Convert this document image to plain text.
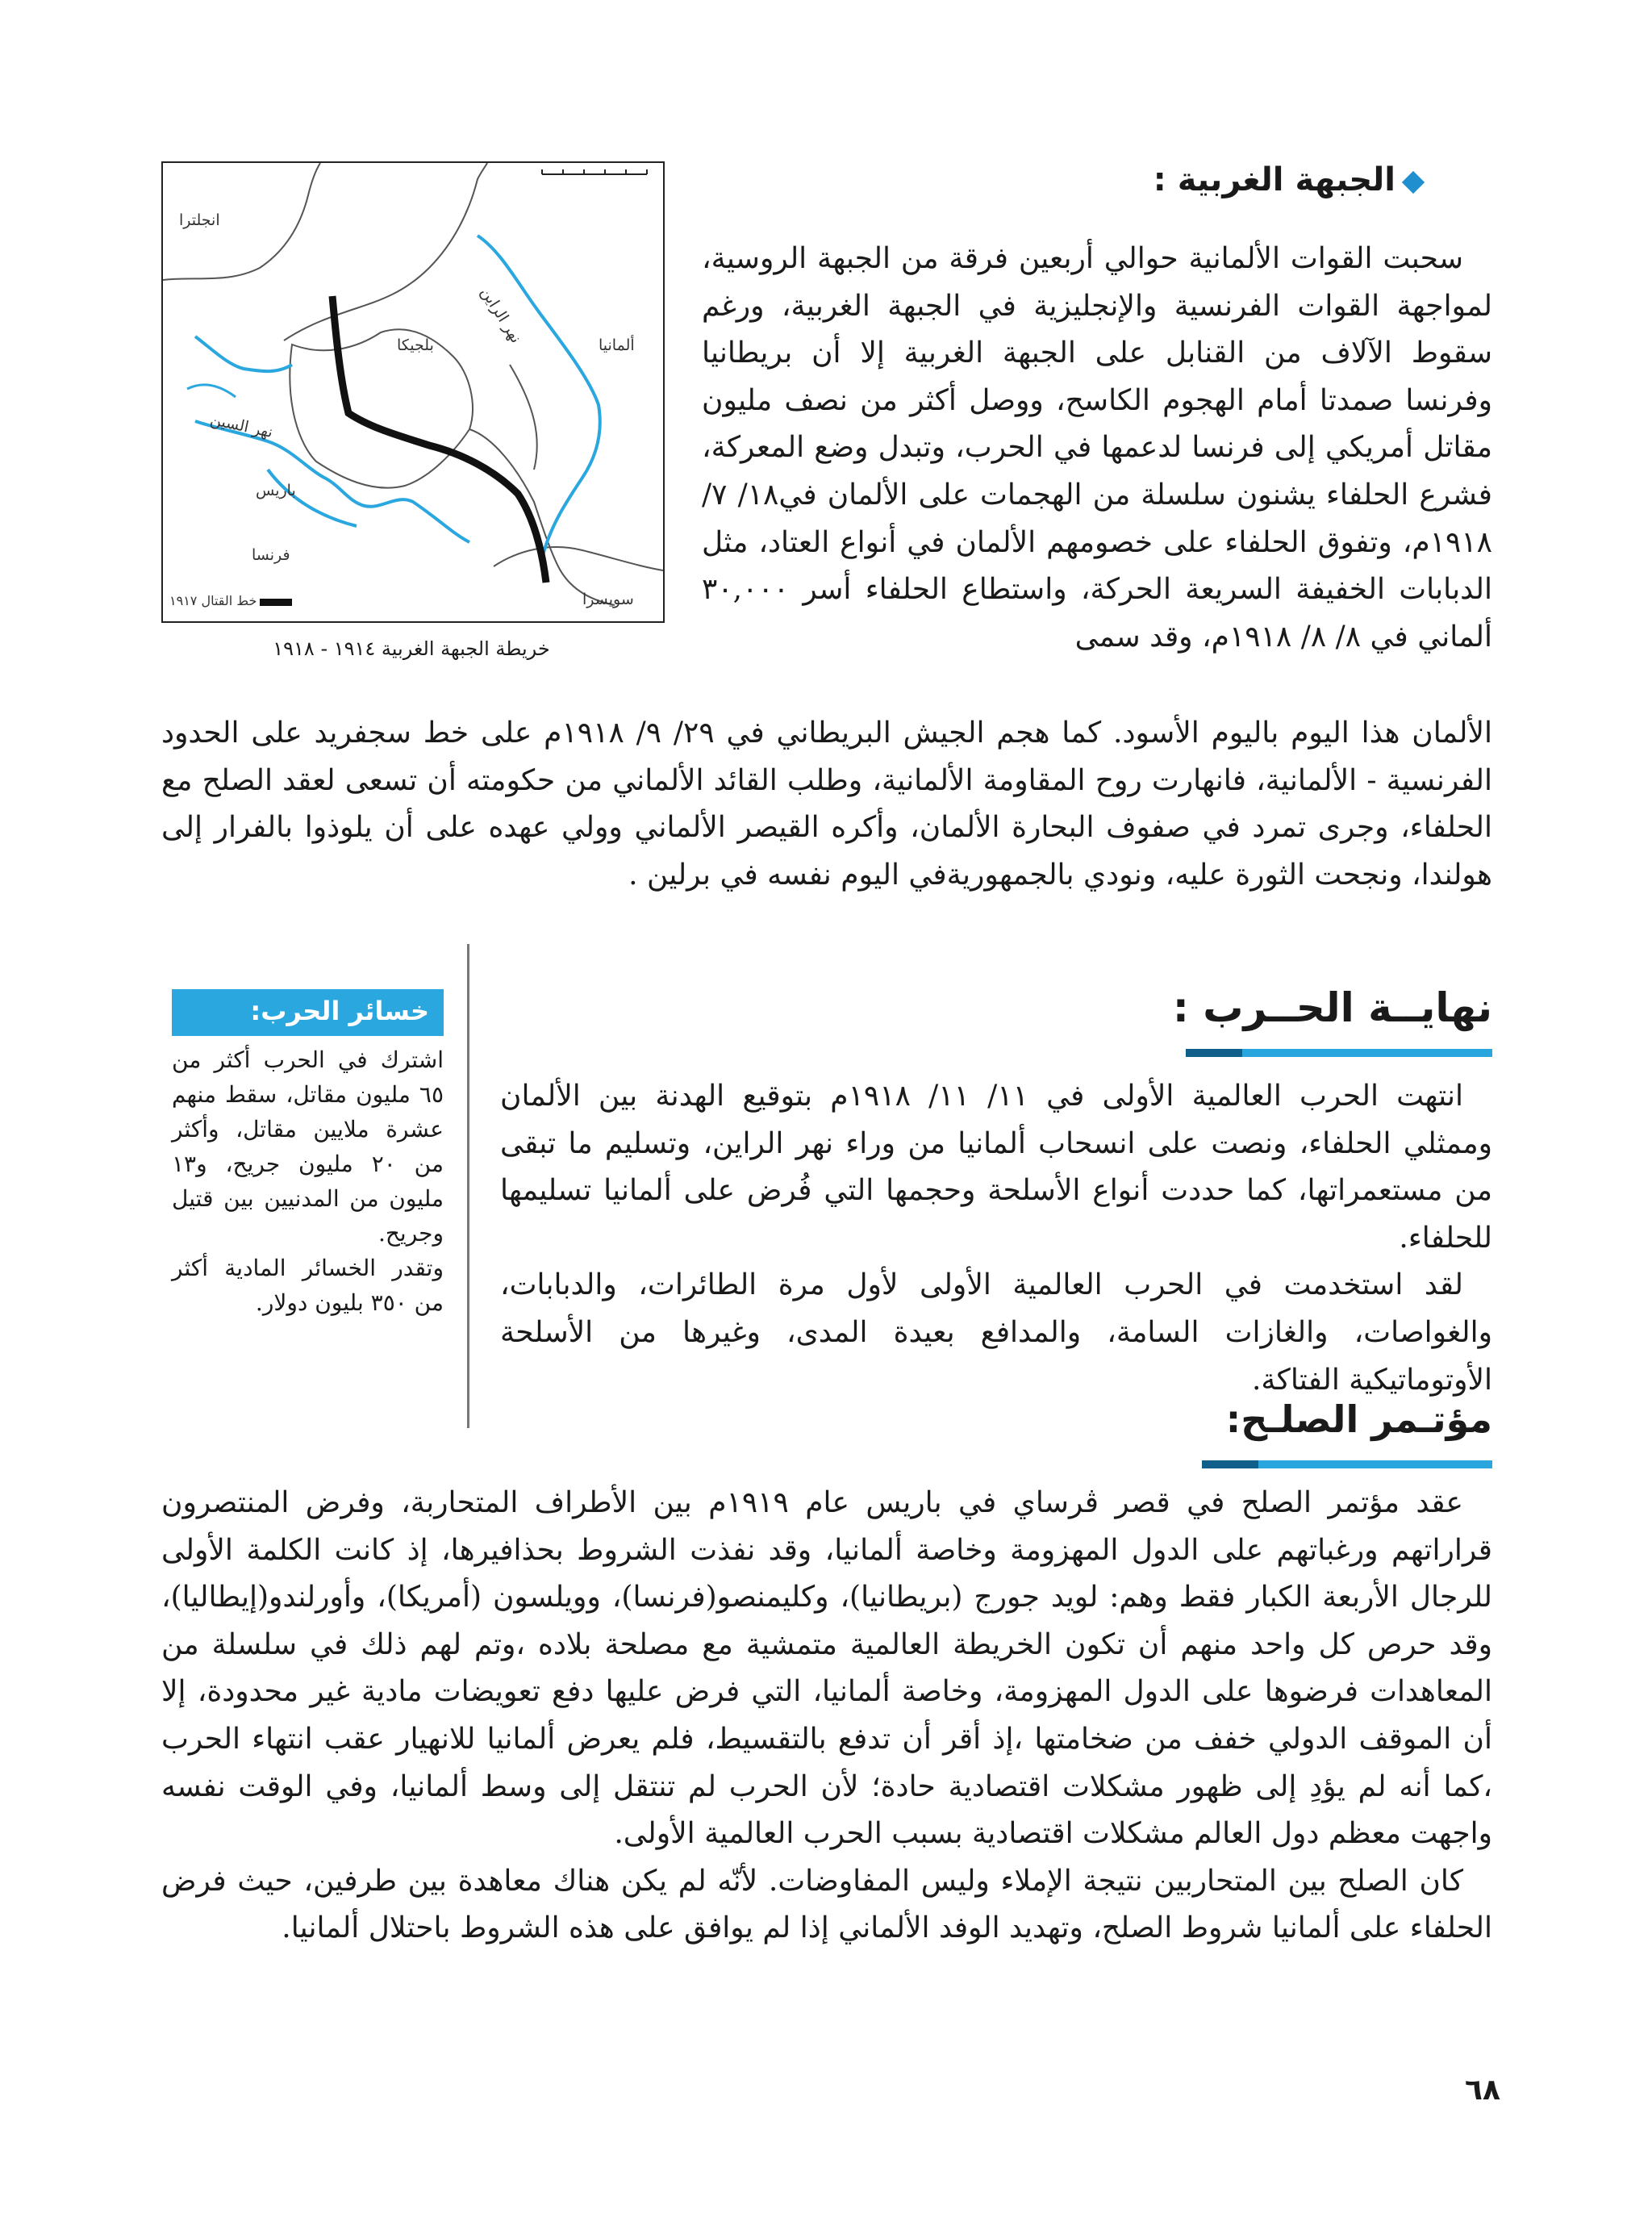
الجبهة الغربية :

سحبت القوات الألمانية حوالي أربعين فرقة من الجبهة الروسية، لمواجهة القوات الفرنسية والإنجليزية في الجبهة الغربية، ورغم سقوط الآلاف من القنابل على الجبهة الغربية إلا أن بريطانيا وفرنسا صمدتا أمام الهجوم الكاسح، ووصل أكثر من نصف مليون مقاتل أمريكي إلى فرنسا لدعمها في الحرب، وتبدل وضع المعركة، فشرع الحلفاء يشنون سلسلة من الهجمات على الألمان في١٨/ ٧/ ١٩١٨م، وتفوق الحلفاء على خصومهم الألمان في أنواع العتاد، مثل الدبابات الخفيفة السريعة الحركة، واستطاع الحلفاء أسر ٣٠,٠٠٠ ألماني في ٨/ ٨/ ١٩١٨م، وقد سمى

الألمان هذا اليوم باليوم الأسود. كما هجم الجيش البريطاني في ٢٩/ ٩/ ١٩١٨م على خط سجفريد على الحدود الفرنسية - الألمانية، فانهارت روح المقاومة الألمانية، وطلب القائد الألماني من حكومته أن تسعى لعقد الصلح مع الحلفاء، وجرى تمرد في صفوف البحارة الألمان، وأكره القيصر الألماني وولي عهده على أن يلوذوا بالفرار إلى هولندا، ونجحت الثورة عليه، ونودي بالجمهوريةفي اليوم نفسه في برلين .

انجلترا
نهر الراين
بلجيكا	ألمانيا
نهر السين
باريس
فرنسا
سويسرا
خط القتال ١٩١٧
خريطة الجبهة الغربية ١٩١٤ - ١٩١٨
نهايــة الحــرب :

انتهت الحرب العالمية الأولى في ١١/ ١١/ ١٩١٨م بتوقيع الهدنة بين الألمان وممثلي الحلفاء، ونصت على انسحاب ألمانيا من وراء نهر الراين، وتسليم ما تبقى من مستعمراتها، كما حددت أنواع الأسلحة وحجمها التي فُرض على ألمانيا تسليمها للحلفاء.

لقد استخدمت في الحرب العالمية الأولى لأول مرة الطائرات، والدبابات، والغواصات، والغازات السامة، والمدافع بعيدة المدى، وغيرها من الأسلحة الأوتوماتيكية الفتاكة.

خسائر الحرب:

اشترك في الحرب أكثر من ٦٥ مليون مقاتل، سقط منهم عشرة ملايين مقاتل، وأكثر من ٢٠ مليون جريح، و١٣ مليون من المدنيين بين قتيل وجريح.

وتقدر الخسائر المادية أكثر من ٣٥٠ بليون دولار.

مؤتـمر الصلـح:

عقد مؤتمر الصلح في قصر ڤرساي في باريس عام ١٩١٩م بين الأطراف المتحاربة، وفرض المنتصرون قراراتهم ورغباتهم على الدول المهزومة وخاصة ألمانيا، وقد نفذت الشروط بحذافيرها، إذ كانت الكلمة الأولى للرجال الأربعة الكبار فقط وهم: لويد جورج (بريطانيا)، وكليمنصو(فرنسا)، وويلسون (أمريكا)، وأورلندو(إيطاليا)، وقد حرص كل واحد منهم أن تكون الخريطة العالمية متمشية مع مصلحة بلاده ،وتم لهم ذلك في سلسلة من المعاهدات فرضوها على الدول المهزومة، وخاصة ألمانيا، التي فرض عليها دفع تعويضات مادية غير محدودة، إلا أن الموقف الدولي خفف من ضخامتها ،إذ أقر أن تدفع بالتقسيط، فلم يعرض ألمانيا للانهيار عقب انتهاء الحرب ،كما أنه لم يؤدِ إلى ظهور مشكلات اقتصادية حادة؛ لأن الحرب لم تنتقل إلى وسط ألمانيا، وفي الوقت نفسه واجهت معظم دول العالم مشكلات اقتصادية بسبب الحرب العالمية الأولى.

كان الصلح بين المتحاربين نتيجة الإملاء وليس المفاوضات. لأنّه لم يكن هناك معاهدة بين طرفين، حيث فرض الحلفاء على ألمانيا شروط الصلح، وتهديد الوفد الألماني إذا لم يوافق على هذه الشروط باحتلال ألمانيا.

٦٨
